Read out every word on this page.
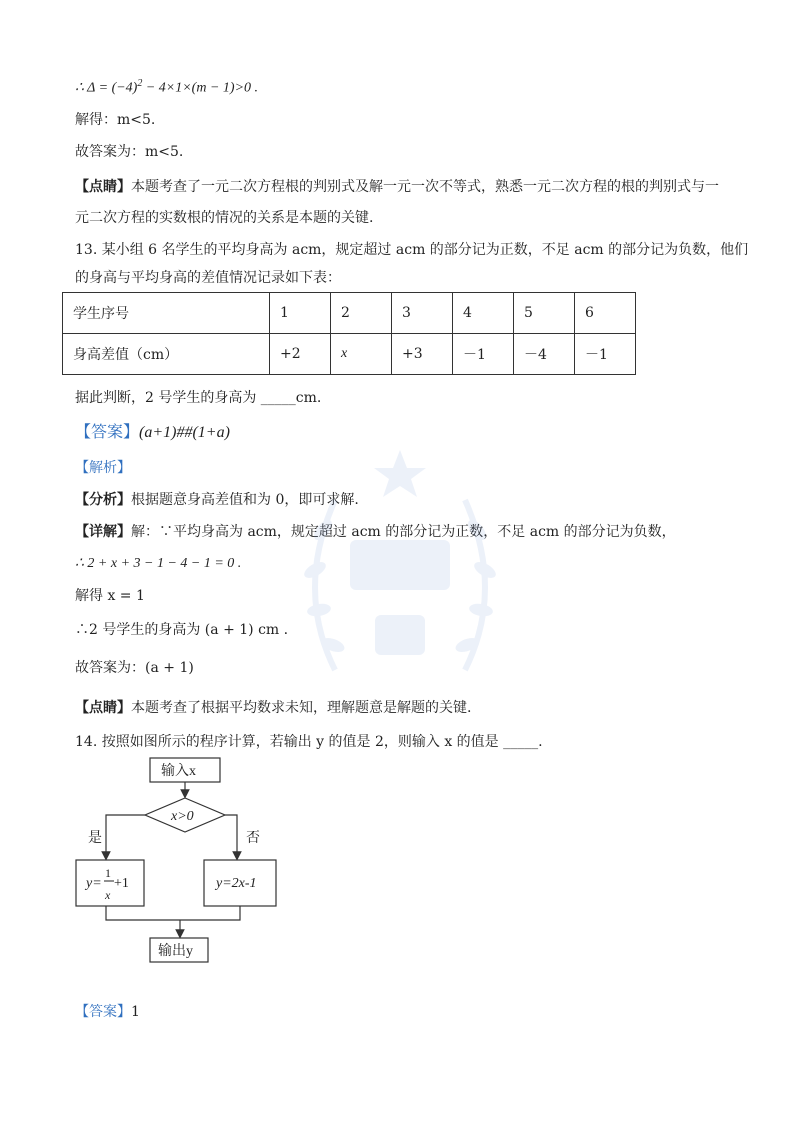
∴ $\Delta = (-4)^2 - 4\times 1\times(m - 1)>0$ .
解得：m<5.
故答案为：m<5.
【点睛】本题考查了一元二次方程根的判别式及解一元一次不等式，熟悉一元二次方程的根的判别式与一元二次方程的实数根的情况的关系是本题的关键.
13. 某小组 6 名学生的平均身高为 acm，规定超过 acm 的部分记为正数，不足 acm 的部分记为负数，他们
的身高与平均身高的差值情况记录如下表：
学生序号	1	2	3	4	5	6
身高差值（cm）	+2	x	+3	－1	－4	－1
据此判断，2 号学生的身高为 _____cm.
【答案】(a+1)##(1+a)
【解析】
【分析】根据题意身高差值和为 0，即可求解.
【详解】解：∵平均身高为 acm，规定超过 acm 的部分记为正数，不足 acm 的部分记为负数，
∴ 2 + x + 3 − 1 − 4 − 1 = 0 .
解得 x = 1
∴2 号学生的身高为 (a + 1) cm .
故答案为：(a + 1)
【点睛】本题考查了根据平均数求未知，理解题意是解题的关键.
14. 按照如图所示的程序计算，若输出 y 的值是 2，则输入 x 的值是 _____.
输入x
x>0
是	否
y=
1
x
+1	y=2x-1
输出y
【答案】1
